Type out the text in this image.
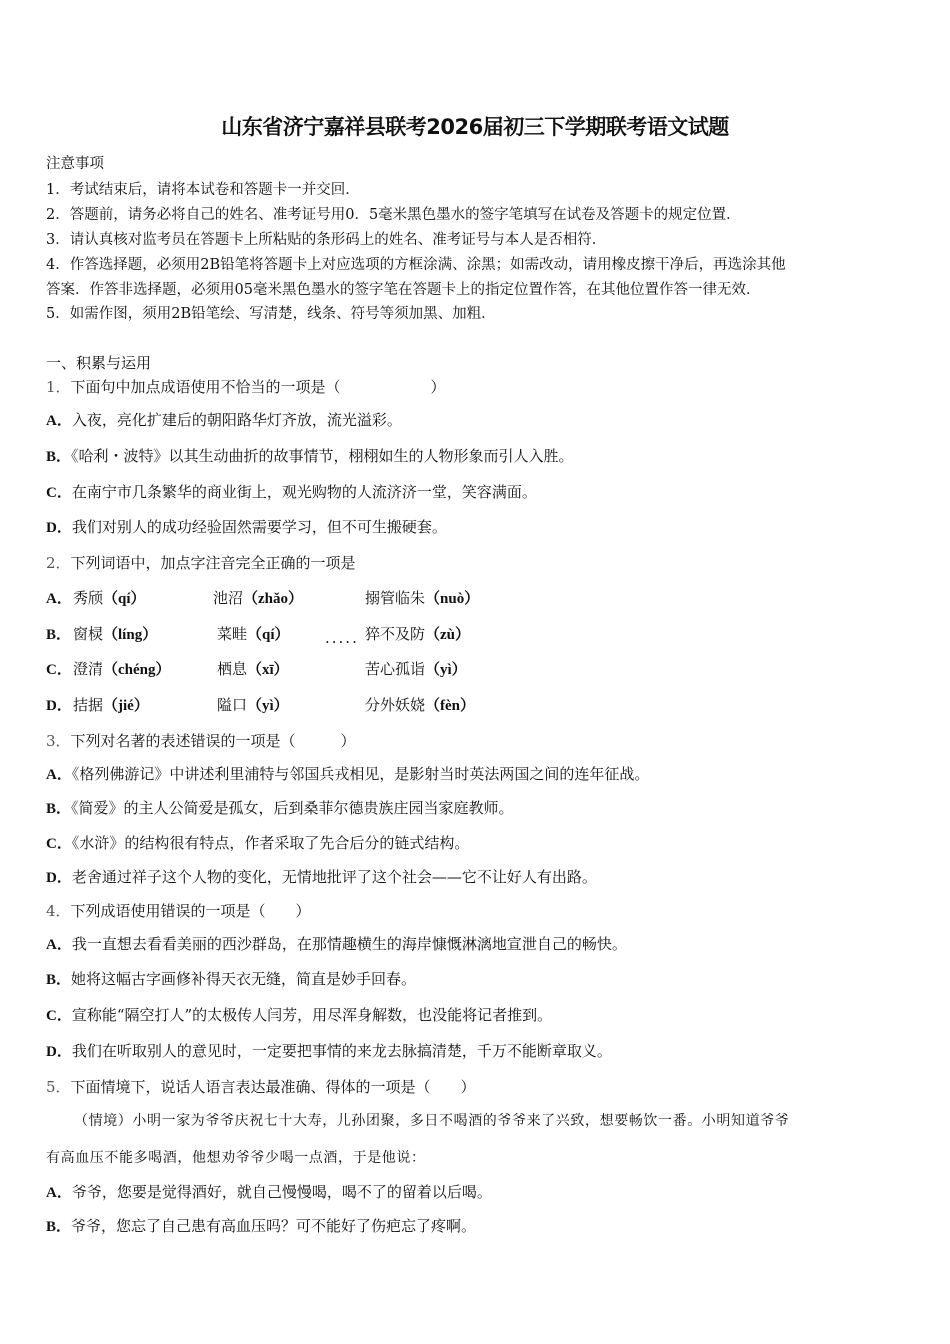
山东省济宁嘉祥县联考2026届初三下学期联考语文试题
注意事项
1．考试结束后，请将本试卷和答题卡一并交回．
2．答题前，请务必将自己的姓名、准考证号用0．5毫米黑色墨水的签字笔填写在试卷及答题卡的规定位置．
3．请认真核对监考员在答题卡上所粘贴的条形码上的姓名、准考证号与本人是否相符．
4．作答选择题，必须用2B铅笔将答题卡上对应选项的方框涂满、涂黑；如需改动，请用橡皮擦干净后，再选涂其他
答案．作答非选择题，必须用05毫米黑色墨水的签字笔在答题卡上的指定位置作答，在其他位置作答一律无效．
5．如需作图，须用2B铅笔绘、写清楚，线条、符号等须加黑、加粗．
一、积累与运用
1．下面句中加点成语使用不恰当的一项是（　　　　　　）
A．入夜，亮化扩建后的朝阳路华灯齐放，流光溢彩。
B．《哈利・波特》以其生动曲折的故事情节，栩栩如生的人物形象而引人入胜。
C．在南宁市几条繁华的商业街上，观光购物的人流济济一堂，笑容满面。
D．我们对别人的成功经验固然需要学习，但不可生搬硬套。
2．下列词语中，加点字注音完全正确的一项是
A． 秀颀（qí）	池沼（zhǎo）	搦管临朱（nuò）
B． 窗棂（líng）	菜畦（qí） ..... 猝不及防（zù）
C． 澄清（chéng）	栖息（xī）	苦心孤诣（yì）
D． 拮据（jié）	隘口（yì）	分外妖娆（fèn）
3．下列对名著的表述错误的一项是（　　　）
A．《格列佛游记》中讲述利里浦特与邻国兵戎相见，是影射当时英法两国之间的连年征战。
B．《简爱》的主人公简爱是孤女，后到桑菲尔德贵族庄园当家庭教师。
C．《水浒》的结构很有特点，作者采取了先合后分的链式结构。
D．老舍通过祥子这个人物的变化，无情地批评了这个社会——它不让好人有出路。
4．下列成语使用错误的一项是（　　）
A．我一直想去看看美丽的西沙群岛，在那情趣横生的海岸慷慨淋漓地宣泄自己的畅快。
B．她将这幅古字画修补得天衣无缝，简直是妙手回春。
C．宣称能“隔空打人”的太极传人闫芳，用尽浑身解数，也没能将记者推到。
D．我们在听取别人的意见时，一定要把事情的来龙去脉搞清楚，千万不能断章取义。
5．下面情境下，说话人语言表达最准确、得体的一项是（　　）
（情境）小明一家为爷爷庆祝七十大寿，儿孙团聚，多日不喝酒的爷爷来了兴致，想要畅饮一番。小明知道爷爷
有高血压不能多喝酒，他想劝爷爷少喝一点酒，于是他说：
A．爷爷，您要是觉得酒好，就自己慢慢喝，喝不了的留着以后喝。
B．爷爷，您忘了自己患有高血压吗？可不能好了伤疤忘了疼啊。
